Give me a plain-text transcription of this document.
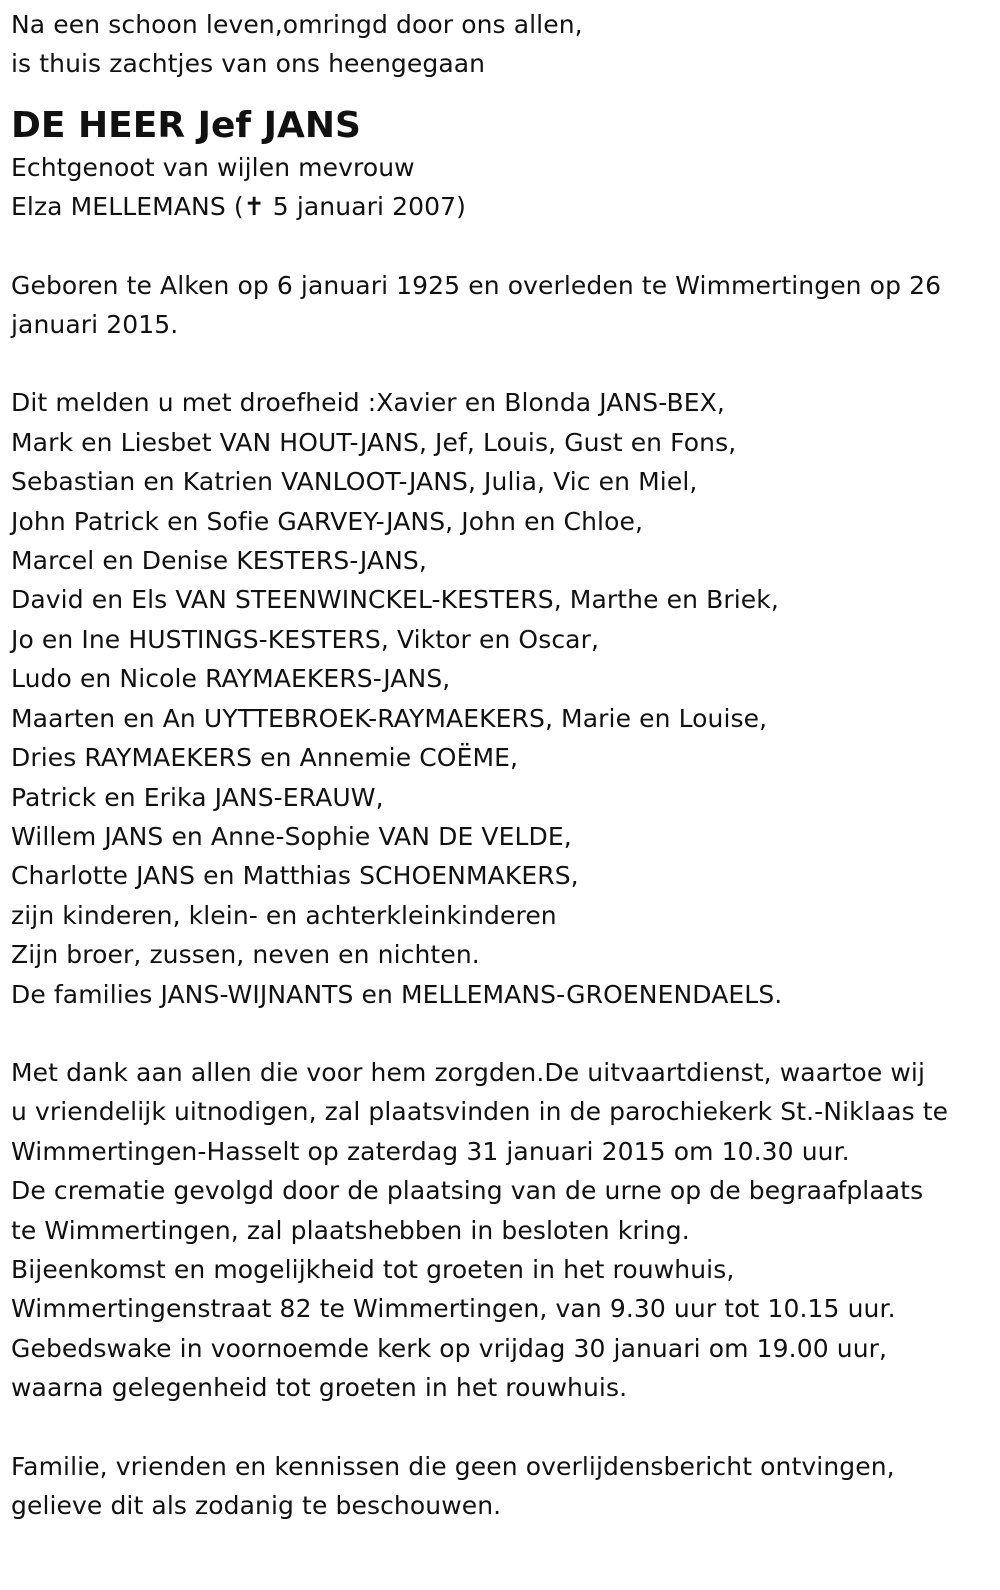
Na een schoon leven,omringd door ons allen,
is thuis zachtjes van ons heengegaan
DE HEER Jef JANS
Echtgenoot van wijlen mevrouw
Elza MELLEMANS (✝ 5 januari 2007)
Geboren te Alken op 6 januari 1925 en overleden te Wimmertingen op 26
januari 2015.
Dit melden u met droefheid :Xavier en Blonda JANS-BEX,
Mark en Liesbet VAN HOUT-JANS, Jef, Louis, Gust en Fons,
Sebastian en Katrien VANLOOT-JANS, Julia, Vic en Miel,
John Patrick en Sofie GARVEY-JANS, John en Chloe,
Marcel en Denise KESTERS-JANS,
David en Els VAN STEENWINCKEL-KESTERS, Marthe en Briek,
Jo en Ine HUSTINGS-KESTERS, Viktor en Oscar,
Ludo en Nicole RAYMAEKERS-JANS,
Maarten en An UYTTEBROEK-RAYMAEKERS, Marie en Louise,
Dries RAYMAEKERS en Annemie COËME,
Patrick en Erika JANS-ERAUW,
Willem JANS en Anne-Sophie VAN DE VELDE,
Charlotte JANS en Matthias SCHOENMAKERS,
zijn kinderen, klein- en achterkleinkinderen
Zijn broer, zussen, neven en nichten.
De families JANS-WIJNANTS en MELLEMANS-GROENENDAELS.
Met dank aan allen die voor hem zorgden.De uitvaartdienst, waartoe wij
u vriendelijk uitnodigen, zal plaatsvinden in de parochiekerk St.-Niklaas te
Wimmertingen-Hasselt op zaterdag 31 januari 2015 om 10.30 uur.
De crematie gevolgd door de plaatsing van de urne op de begraafplaats
te Wimmertingen, zal plaatshebben in besloten kring.
Bijeenkomst en mogelijkheid tot groeten in het rouwhuis,
Wimmertingenstraat 82 te Wimmertingen, van 9.30 uur tot 10.15 uur.
Gebedswake in voornoemde kerk op vrijdag 30 januari om 19.00 uur,
waarna gelegenheid tot groeten in het rouwhuis.
Familie, vrienden en kennissen die geen overlijdensbericht ontvingen,
gelieve dit als zodanig te beschouwen.
